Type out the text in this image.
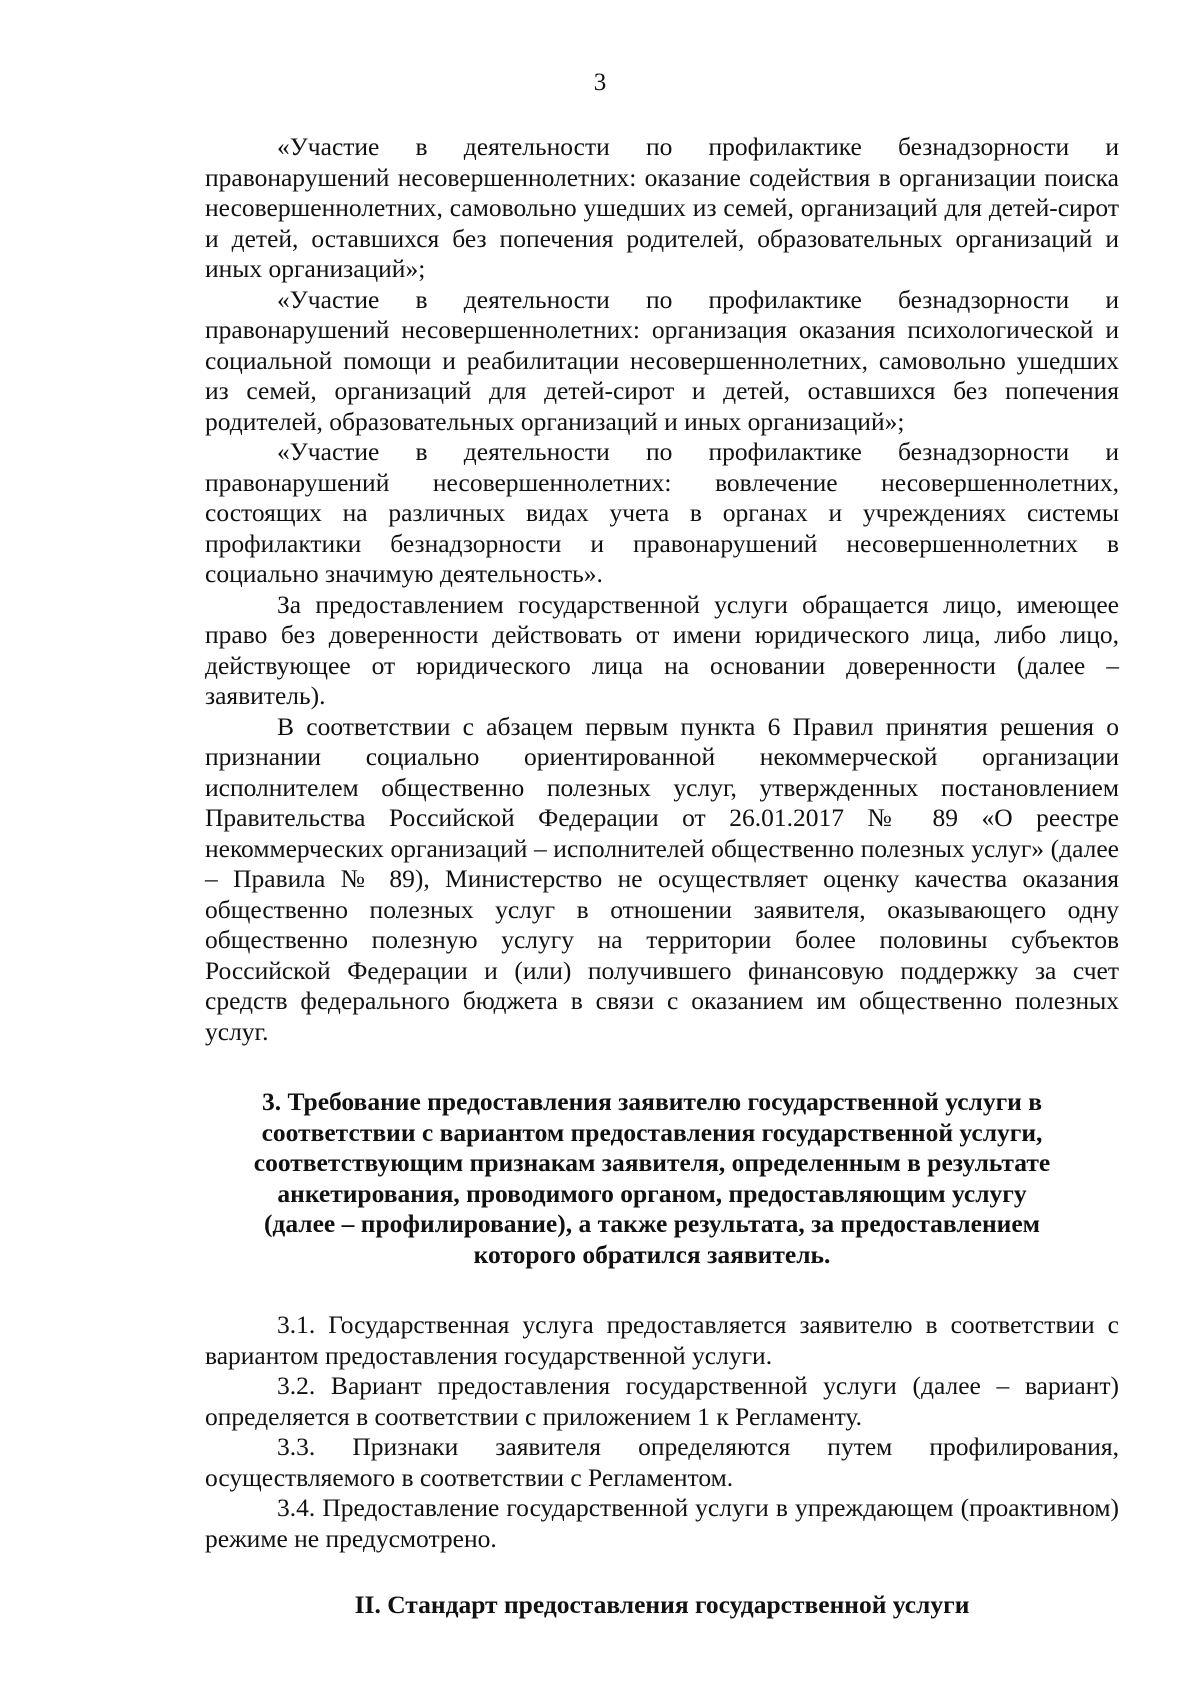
3

«Участие в деятельности по профилактике безнадзорности и правонарушений несовершеннолетних: оказание содействия в организации поиска несовершеннолетних, самовольно ушедших из семей, организаций для детей-сирот и детей, оставшихся без попечения родителей, образовательных организаций и иных организаций»;

«Участие в деятельности по профилактике безнадзорности и правонарушений несовершеннолетних: организация оказания психологической и социальной помощи и реабилитации несовершеннолетних, самовольно ушедших из семей, организаций для детей-сирот и детей, оставшихся без попечения родителей, образовательных организаций и иных организаций»;

«Участие в деятельности по профилактике безнадзорности и правонарушений несовершеннолетних: вовлечение несовершеннолетних, состоящих на различных видах учета в органах и учреждениях системы профилактики безнадзорности и правонарушений несовершеннолетних в социально значимую деятельность».

За предоставлением государственной услуги обращается лицо, имеющее право без доверенности действовать от имени юридического лица, либо лицо, действующее от юридического лица на основании доверенности (далее – заявитель).

В соответствии с абзацем первым пункта 6 Правил принятия решения о признании социально ориентированной некоммерческой организации исполнителем общественно полезных услуг, утвержденных постановлением Правительства Российской Федерации от 26.01.2017 № 89 «О реестре некоммерческих организаций – исполнителей общественно полезных услуг» (далее – Правила № 89), Министерство не осуществляет оценку качества оказания общественно полезных услуг в отношении заявителя, оказывающего одну общественно полезную услугу на территории более половины субъектов Российской Федерации и (или) получившего финансовую поддержку за счет средств федерального бюджета в связи с оказанием им общественно полезных услуг.

3. Требование предоставления заявителю государственной услуги в соответствии с вариантом предоставления государственной услуги, соответствующим признакам заявителя, определенным в результате анкетирования, проводимого органом, предоставляющим услугу (далее – профилирование), а также результата, за предоставлением которого обратился заявитель.

3.1. Государственная услуга предоставляется заявителю в соответствии с вариантом предоставления государственной услуги.

3.2. Вариант предоставления государственной услуги (далее – вариант) определяется в соответствии с приложением 1 к Регламенту.

3.3. Признаки заявителя определяются путем профилирования, осуществляемого в соответствии с Регламентом.

3.4. Предоставление государственной услуги в упреждающем (проактивном) режиме не предусмотрено.

II. Стандарт предоставления государственной услуги
